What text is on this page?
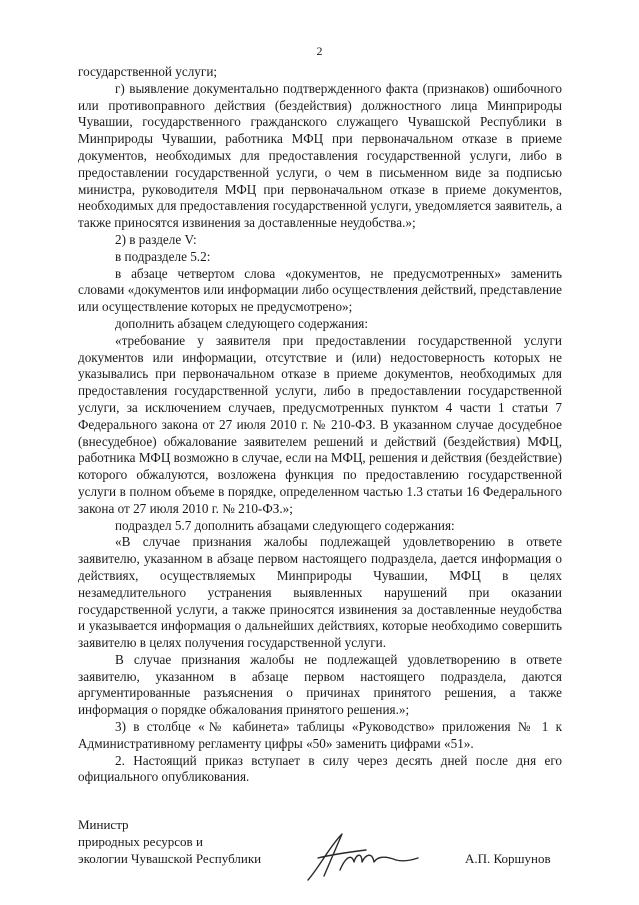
2

государственной услуги;

г) выявление документально подтвержденного факта (признаков) ошибочного или противоправного действия (бездействия) должностного лица Минприроды Чувашии, государственного гражданского служащего Чувашской Республики в Минприроды Чувашии, работника МФЦ при первоначальном отказе в приеме документов, необходимых для предоставления государственной услуги, либо в предоставлении государственной услуги, о чем в письменном виде за подписью министра, руководителя МФЦ при первоначальном отказе в приеме документов, необходимых для предоставления государственной услуги, уведомляется заявитель, а также приносятся извинения за доставленные неудобства.»;

2) в разделе V:

в подразделе 5.2:

в абзаце четвертом слова «документов, не предусмотренных» заменить словами «документов или информации либо осуществления действий, представление или осуществление которых не предусмотрено»;

дополнить абзацем следующего содержания:

«требование у заявителя при предоставлении государственной услуги документов или информации, отсутствие и (или) недостоверность которых не указывались при первоначальном отказе в приеме документов, необходимых для предоставления государственной услуги, либо в предоставлении государственной услуги, за исключением случаев, предусмотренных пунктом 4 части 1 статьи 7 Федерального закона от 27 июля 2010 г. № 210-ФЗ. В указанном случае досудебное (внесудебное) обжалование заявителем решений и действий (бездействия) МФЦ, работника МФЦ возможно в случае, если на МФЦ, решения и действия (бездействие) которого обжалуются, возложена функция по предоставлению государственной услуги в полном объеме в порядке, определенном частью 1.3 статьи 16 Федерального закона от 27 июля 2010 г. № 210-ФЗ.»;

подраздел 5.7 дополнить абзацами следующего содержания:

«В случае признания жалобы подлежащей удовлетворению в ответе заявителю, указанном в абзаце первом настоящего подраздела, дается информация о действиях, осуществляемых Минприроды Чувашии, МФЦ в целях незамедлительного устранения выявленных нарушений при оказании государственной услуги, а также приносятся извинения за доставленные неудобства и указывается информация о дальнейших действиях, которые необходимо совершить заявителю в целях получения государственной услуги.

В случае признания жалобы не подлежащей удовлетворению в ответе заявителю, указанном в абзаце первом настоящего подраздела, даются аргументированные разъяснения о причинах принятого решения, а также информация о порядке обжалования принятого решения.»;

3) в столбце «№ кабинета» таблицы «Руководство» приложения № 1 к Административному регламенту цифры «50» заменить цифрами «51».

2. Настоящий приказ вступает в силу через десять дней после дня его официального опубликования.

Министр
природных ресурсов и
экологии Чувашской Республики	А.П. Коршунов
